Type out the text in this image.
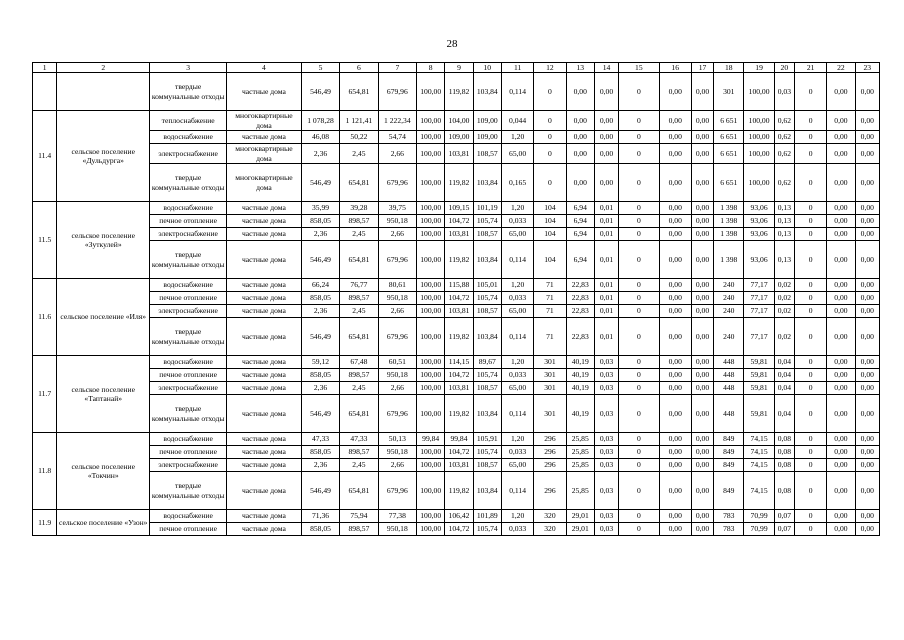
28
1	2	3	4	5	6	7	8	9	10	11	12	13	14	15	16	17	18	19	20	21	22	23
		твердые коммунальные отходы	частные дома	546,49	654,81	679,96	100,00	119,82	103,84	0,114	0	0,00	0,00	0	0,00	0,00	301	100,00	0,03	0	0,00	0,00
11.4	сельское поселение «Дульдурга»	теплоснабжение	многоквартирные дома	1 078,28	1 121,41	1 222,34	100,00	104,00	109,00	0,044	0	0,00	0,00	0	0,00	0,00	6 651	100,00	0,62	0	0,00	0,00
		водоснабжение	частные дома	46,08	50,22	54,74	100,00	109,00	109,00	1,20	0	0,00	0,00	0	0,00	0,00	6 651	100,00	0,62	0	0,00	0,00
		электроснабжение	многоквартирные дома	2,36	2,45	2,66	100,00	103,81	108,57	65,00	0	0,00	0,00	0	0,00	0,00	6 651	100,00	0,62	0	0,00	0,00
		твердые коммунальные отходы	многоквартирные дома	546,49	654,81	679,96	100,00	119,82	103,84	0,165	0	0,00	0,00	0	0,00	0,00	6 651	100,00	0,62	0	0,00	0,00
11.5	сельское поселение «Зуткулей»	водоснабжение	частные дома	35,99	39,28	39,75	100,00	109,15	101,19	1,20	104	6,94	0,01	0	0,00	0,00	1 398	93,06	0,13	0	0,00	0,00
		печное отопление	частные дома	858,05	898,57	950,18	100,00	104,72	105,74	0,033	104	6,94	0,01	0	0,00	0,00	1 398	93,06	0,13	0	0,00	0,00
		электроснабжение	частные дома	2,36	2,45	2,66	100,00	103,81	108,57	65,00	104	6,94	0,01	0	0,00	0,00	1 398	93,06	0,13	0	0,00	0,00
		твердые коммунальные отходы	частные дома	546,49	654,81	679,96	100,00	119,82	103,84	0,114	104	6,94	0,01	0	0,00	0,00	1 398	93,06	0,13	0	0,00	0,00
11.6	сельское поселение «Иля»	водоснабжение	частные дома	66,24	76,77	80,61	100,00	115,88	105,01	1,20	71	22,83	0,01	0	0,00	0,00	240	77,17	0,02	0	0,00	0,00
		печное отопление	частные дома	858,05	898,57	950,18	100,00	104,72	105,74	0,033	71	22,83	0,01	0	0,00	0,00	240	77,17	0,02	0	0,00	0,00
		электроснабжение	частные дома	2,36	2,45	2,66	100,00	103,81	108,57	65,00	71	22,83	0,01	0	0,00	0,00	240	77,17	0,02	0	0,00	0,00
		твердые коммунальные отходы	частные дома	546,49	654,81	679,96	100,00	119,82	103,84	0,114	71	22,83	0,01	0	0,00	0,00	240	77,17	0,02	0	0,00	0,00
11.7	сельское поселение «Таптанай»	водоснабжение	частные дома	59,12	67,48	60,51	100,00	114,15	89,67	1,20	301	40,19	0,03	0	0,00	0,00	448	59,81	0,04	0	0,00	0,00
		печное отопление	частные дома	858,05	898,57	950,18	100,00	104,72	105,74	0,033	301	40,19	0,03	0	0,00	0,00	448	59,81	0,04	0	0,00	0,00
		электроснабжение	частные дома	2,36	2,45	2,66	100,00	103,81	108,57	65,00	301	40,19	0,03	0	0,00	0,00	448	59,81	0,04	0	0,00	0,00
		твердые коммунальные отходы	частные дома	546,49	654,81	679,96	100,00	119,82	103,84	0,114	301	40,19	0,03	0	0,00	0,00	448	59,81	0,04	0	0,00	0,00
11.8	сельское поселение «Токчин»	водоснабжение	частные дома	47,33	47,33	50,13	99,84	99,84	105,91	1,20	296	25,85	0,03	0	0,00	0,00	849	74,15	0,08	0	0,00	0,00
		печное отопление	частные дома	858,05	898,57	950,18	100,00	104,72	105,74	0,033	296	25,85	0,03	0	0,00	0,00	849	74,15	0,08	0	0,00	0,00
		электроснабжение	частные дома	2,36	2,45	2,66	100,00	103,81	108,57	65,00	296	25,85	0,03	0	0,00	0,00	849	74,15	0,08	0	0,00	0,00
		твердые коммунальные отходы	частные дома	546,49	654,81	679,96	100,00	119,82	103,84	0,114	296	25,85	0,03	0	0,00	0,00	849	74,15	0,08	0	0,00	0,00
11.9	сельское поселение «Узон»	водоснабжение	частные дома	71,36	75,94	77,38	100,00	106,42	101,89	1,20	320	29,01	0,03	0	0,00	0,00	783	70,99	0,07	0	0,00	0,00
		печное отопление	частные дома	858,05	898,57	950,18	100,00	104,72	105,74	0,033	320	29,01	0,03	0	0,00	0,00	783	70,99	0,07	0	0,00	0,00
